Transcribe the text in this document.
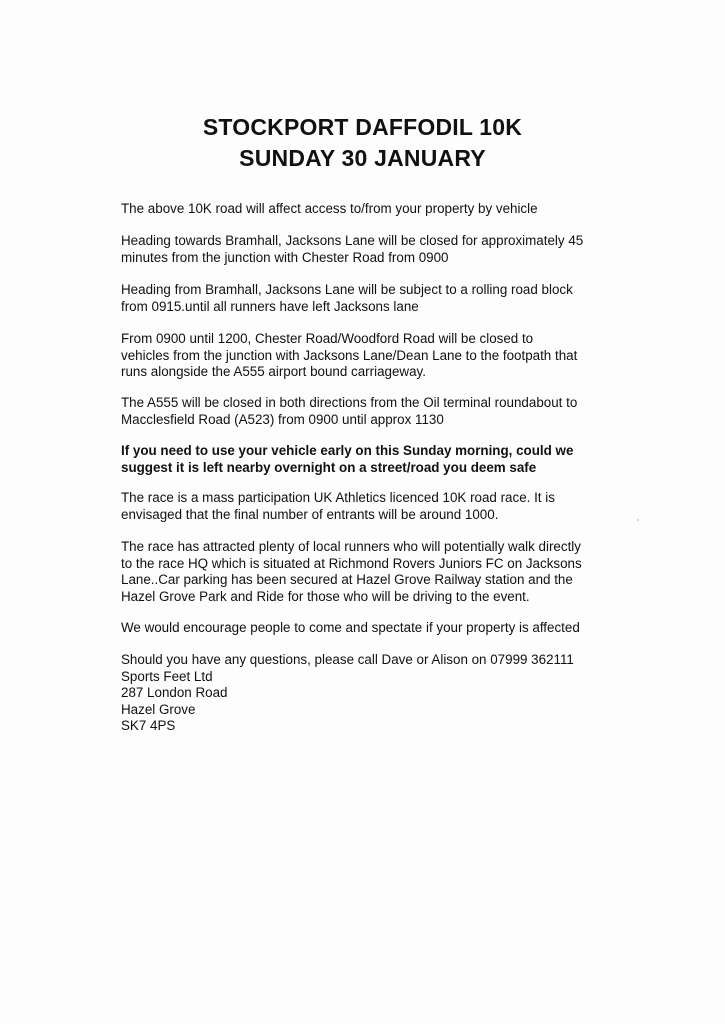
STOCKPORT DAFFODIL 10K
SUNDAY 30 JANUARY
The above 10K road will affect access to/from your property by vehicle
Heading towards Bramhall, Jacksons Lane will be closed for approximately 45
minutes from the junction with Chester Road from 0900
Heading from Bramhall, Jacksons Lane will be subject to a rolling road block
from 0915.until all runners have left Jacksons lane
From 0900 until 1200, Chester Road/Woodford Road will be closed to
vehicles from the junction with Jacksons Lane/Dean Lane to the footpath that
runs alongside the A555 airport bound carriageway.
The A555 will be closed in both directions from the Oil terminal roundabout to
Macclesfield Road (A523) from 0900 until approx 1130
If you need to use your vehicle early on this Sunday morning, could we
suggest it is left nearby overnight on a street/road you deem safe
The race is a mass participation UK Athletics licenced 10K road race. It is
envisaged that the final number of entrants will be around 1000.
The race has attracted plenty of local runners who will potentially walk directly
to the race HQ which is situated at Richmond Rovers Juniors FC on Jacksons
Lane..Car parking has been secured at Hazel Grove Railway station and the
Hazel Grove Park and Ride for those who will be driving to the event.
We would encourage people to come and spectate if your property is affected
Should you have any questions, please call Dave or Alison on 07999 362111
Sports Feet Ltd
287 London Road
Hazel Grove
SK7 4PS
